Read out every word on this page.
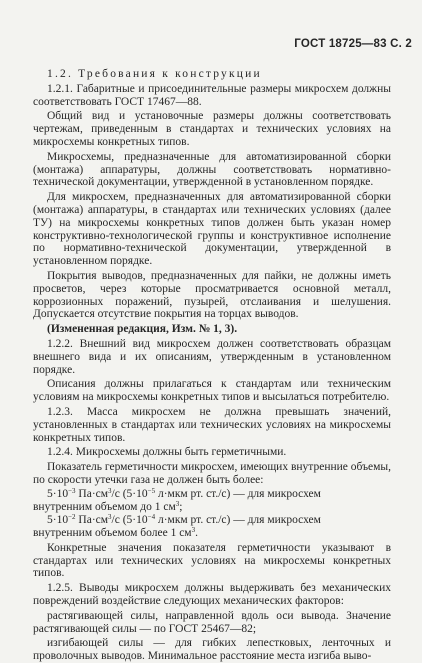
ГОСТ 18725—83 С. 2

1.2. Требования к конструкции

1.2.1. Габаритные и присоединительные размеры микросхем должны соответствовать ГОСТ 17467—88.

Общий вид и установочные размеры должны соответствовать чертежам, приведенным в стандартах и технических условиях на микросхемы конкретных типов.

Микросхемы, предназначенные для автоматизированной сборки (монтажа) аппаратуры, должны соответствовать нормативно-технической документации, утвержденной в установленном порядке.

Для микросхем, предназначенных для автоматизированной сборки (монтажа) аппаратуры, в стандартах или технических условиях (далее ТУ) на микросхемы конкретных типов должен быть указан номер конструктивно-технологической группы и конструктивное исполнение по нормативно-технической документации, утвержденной в установленном порядке.

Покрытия выводов, предназначенных для пайки, не должны иметь просветов, через которые просматривается основной металл, коррозионных поражений, пузырей, отслаивания и шелушения. Допускается отсутствие покрытия на торцах выводов.

(Измененная редакция, Изм. № 1, 3).

1.2.2. Внешний вид микросхем должен соответствовать образцам внешнего вида и их описаниям, утвержденным в установленном порядке.

Описания должны прилагаться к стандартам или техническим условиям на микросхемы конкретных типов и высылаться потребителю.

1.2.3. Масса микросхем не должна превышать значений, установленных в стандартах или технических условиях на микросхемы конкретных типов.

1.2.4. Микросхемы должны быть герметичными.

Показатель герметичности микросхем, имеющих внутренние объемы, по скорости утечки газа не должен быть более:

$5\cdot 10^{-3}$ $Па\cdot см^3/с$ ($5\cdot 10^{-5}$ л·мкм рт. ст./с) — для микросхем
внутренним объемом до 1 $см^3$;

$5\cdot 10^{-2}$ $Па\cdot см^3/с$ ($5\cdot 10^{-4}$ л·мкм рт. ст./с) — для микросхем
внутренним объемом более 1 $см^3$.

Конкретные значения показателя герметичности указывают в стандартах или технических условиях на микросхемы конкретных типов.

1.2.5. Выводы микросхем должны выдерживать без механических повреждений воздействие следующих механических факторов:

растягивающей силы, направленной вдоль оси вывода. Значение растягивающей силы — по ГОСТ 25467—82;

изгибающей силы — для гибких лепестковых, ленточных и проволочных выводов. Минимальное расстояние места изгиба выво-
